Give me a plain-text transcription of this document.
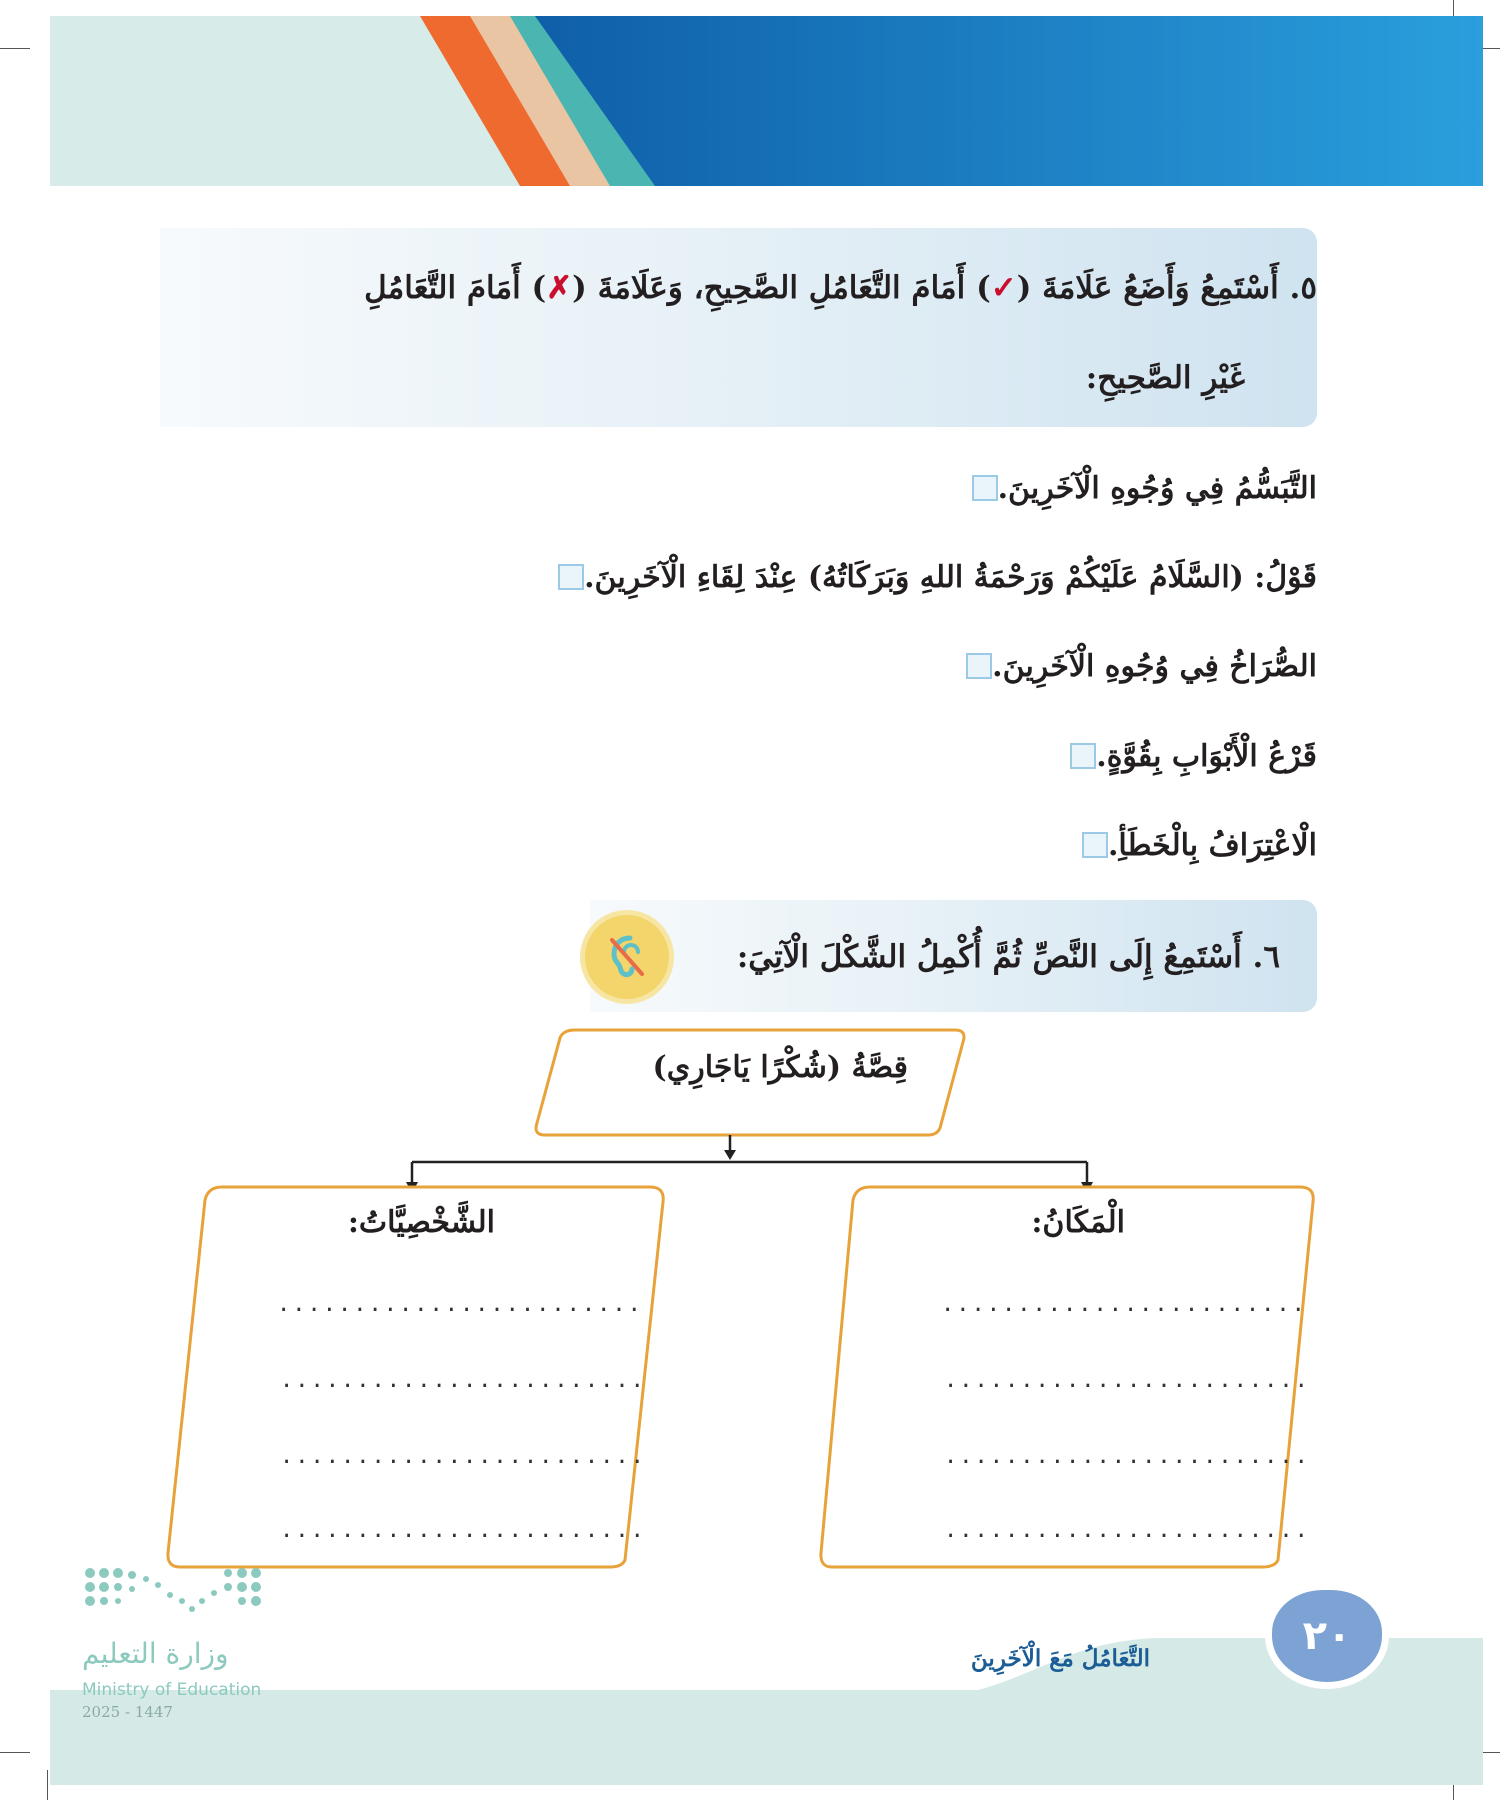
٥. أَسْتَمِعُ وَأَضَعُ عَلَامَةَ (✓) أَمَامَ التَّعَامُلِ الصَّحِيحِ، وَعَلَامَةَ (✗) أَمَامَ التَّعَامُلِ
غَيْرِ الصَّحِيحِ:
التَّبَسُّمُ فِي وُجُوهِ الْآخَرِينَ.
قَوْلُ: (السَّلَامُ عَلَيْكُمْ وَرَحْمَةُ اللهِ وَبَرَكَاتُهُ) عِنْدَ لِقَاءِ الْآخَرِينَ.
الصُّرَاخُ فِي وُجُوهِ الْآخَرِينَ.
قَرْعُ الْأَبْوَابِ بِقُوَّةٍ.
الْاعْتِرَافُ بِالْخَطَأِ.
٦. أَسْتَمِعُ إِلَى النَّصِّ ثُمَّ أُكْمِلُ الشَّكْلَ الْآتِيَ:
قِصَّةُ (شُكْرًا يَاجَارِي)
الشَّخْصِيَّاتُ:
........................
........................
........................
........................
الْمَكَانُ:
........................
........................
........................
........................
التَّعَامُلُ مَعَ الْآخَرِينَ	٢٠
وزارة التعليم
Ministry of Education
2025 - 1447
